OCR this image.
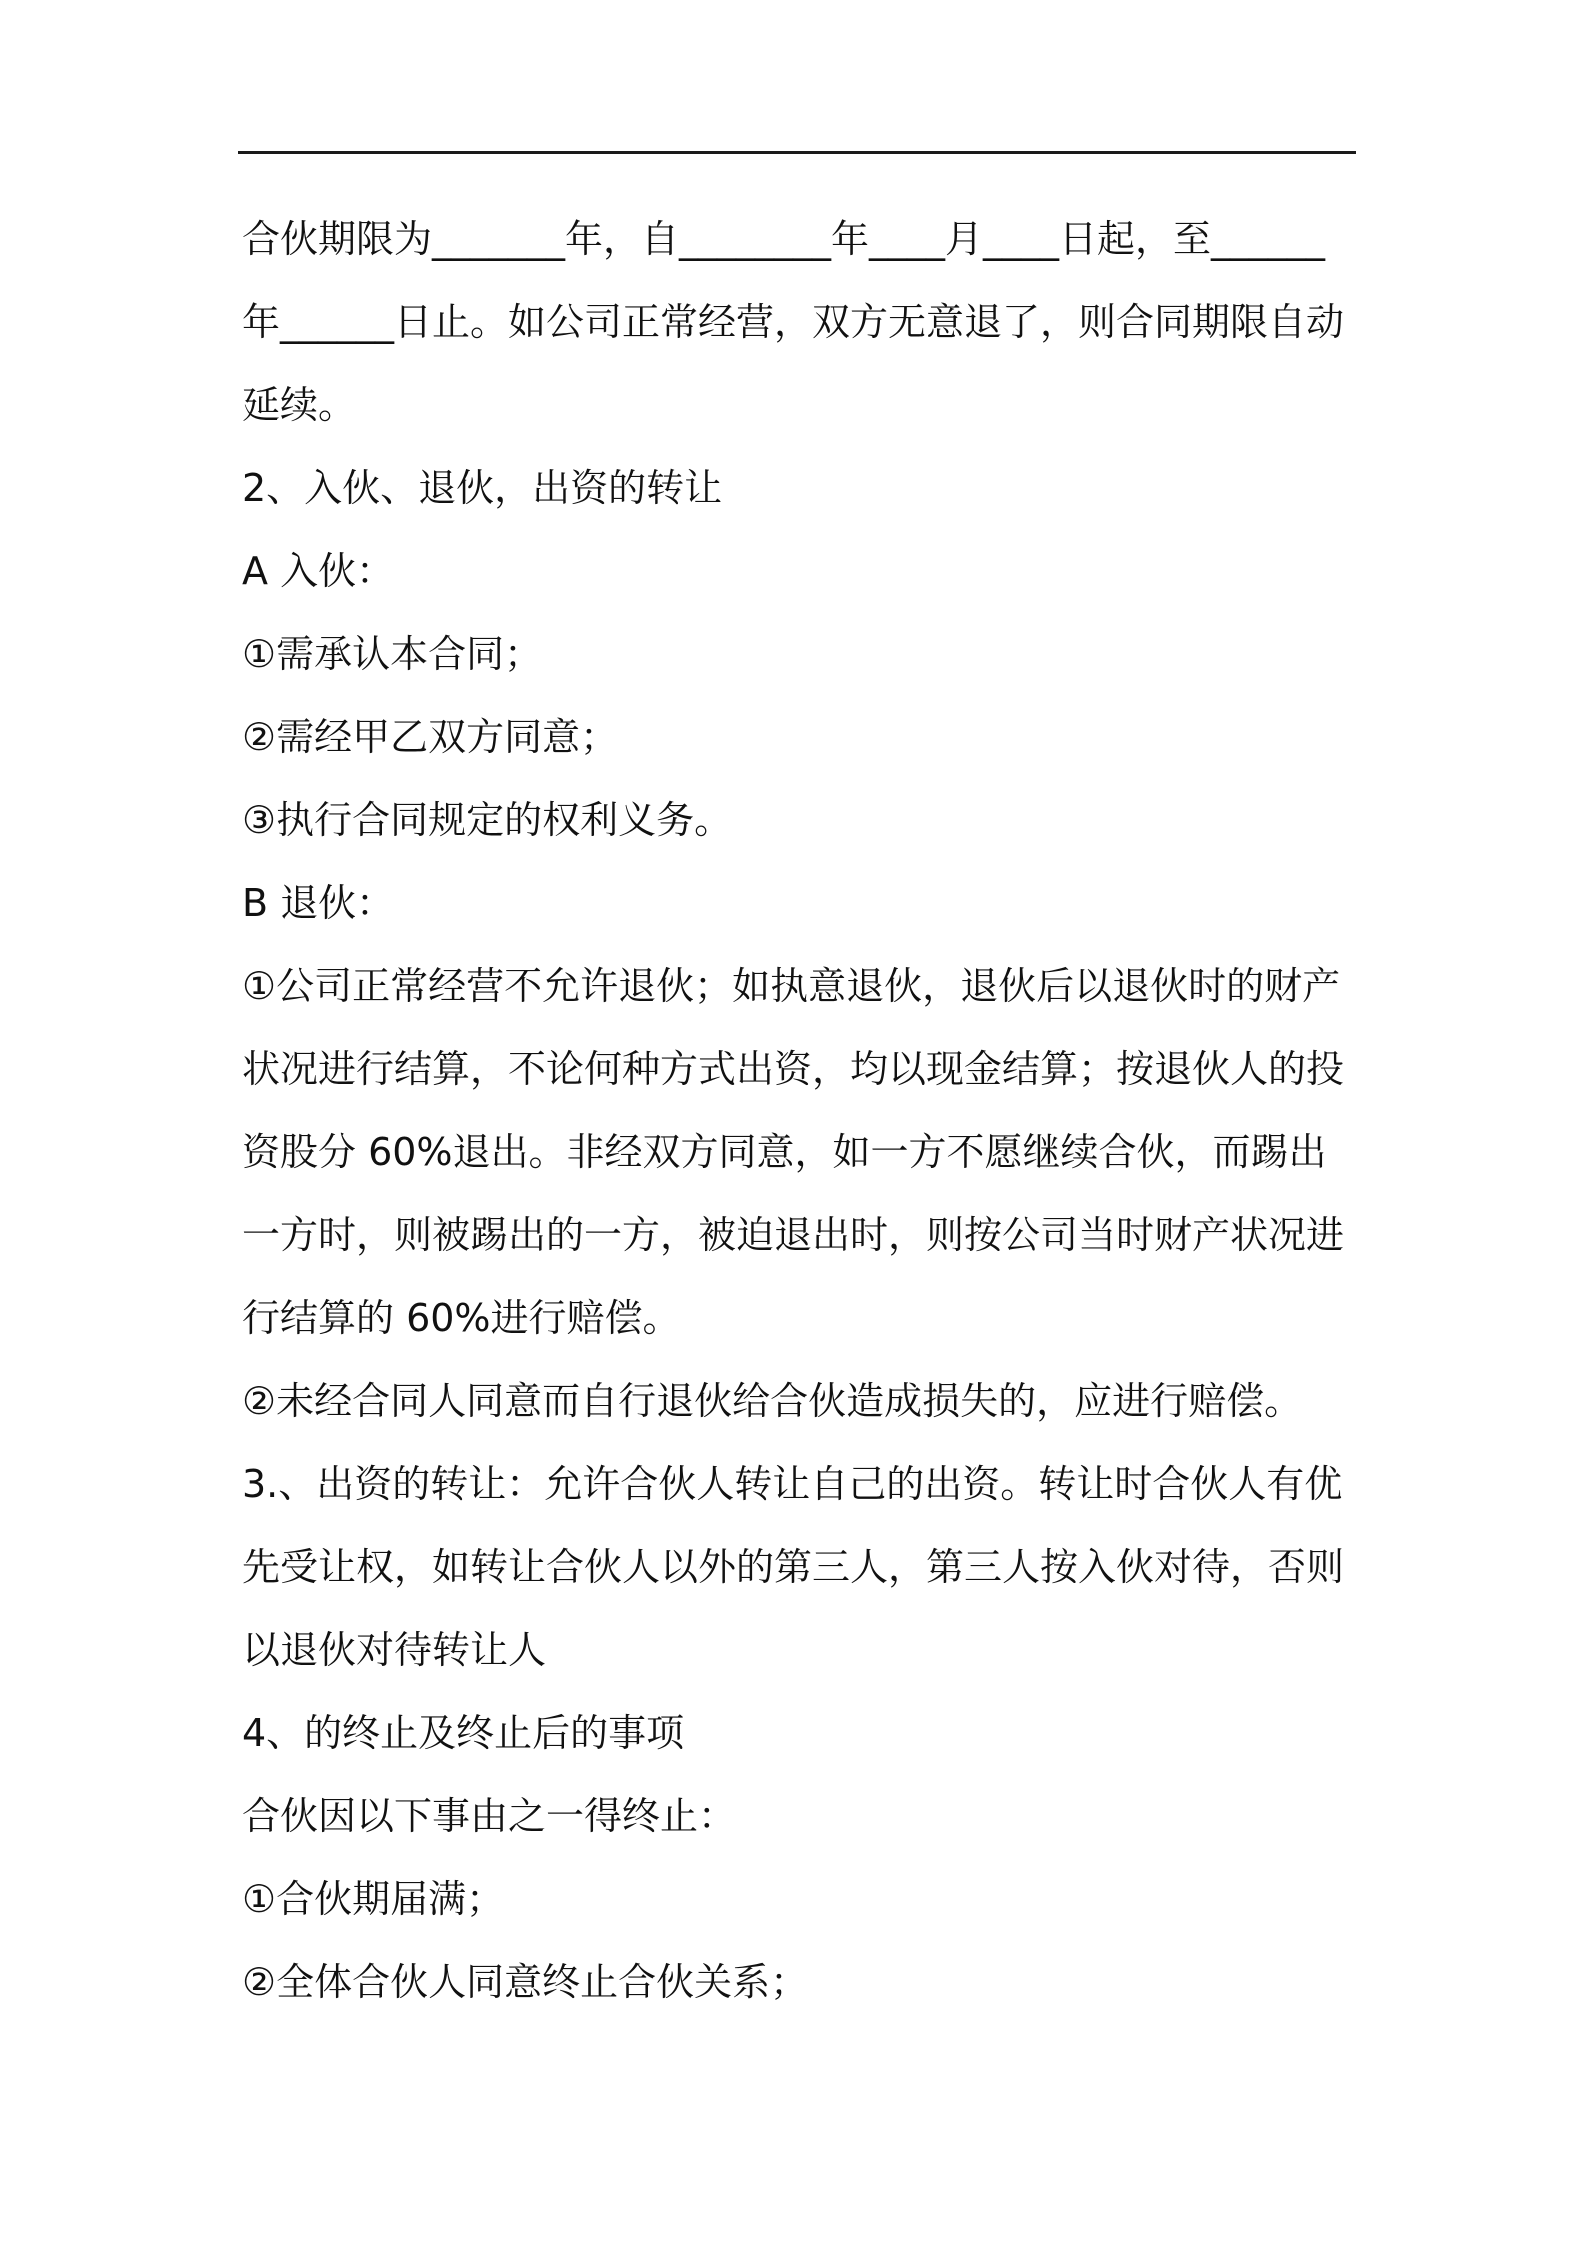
合伙期限为_______年，自________年____月____日起，至______年______日止。如公司正常经营，双方无意退了，则合同期限自动延续。

2、入伙、退伙，出资的转让

A 入伙：

①需承认本合同；

②需经甲乙双方同意；

③执行合同规定的权利义务。

B 退伙：

①公司正常经营不允许退伙；如执意退伙，退伙后以退伙时的财产状况进行结算，不论何种方式出资，均以现金结算；按退伙人的投资股分 60%退出。非经双方同意，如一方不愿继续合伙，而踢出一方时，则被踢出的一方，被迫退出时，则按公司当时财产状况进行结算的 60%进行赔偿。

②未经合同人同意而自行退伙给合伙造成损失的，应进行赔偿。

3.、出资的转让：允许合伙人转让自己的出资。转让时合伙人有优先受让权，如转让合伙人以外的第三人，第三人按入伙对待，否则以退伙对待转让人

4、的终止及终止后的事项

合伙因以下事由之一得终止：

①合伙期届满；

②全体合伙人同意终止合伙关系；
